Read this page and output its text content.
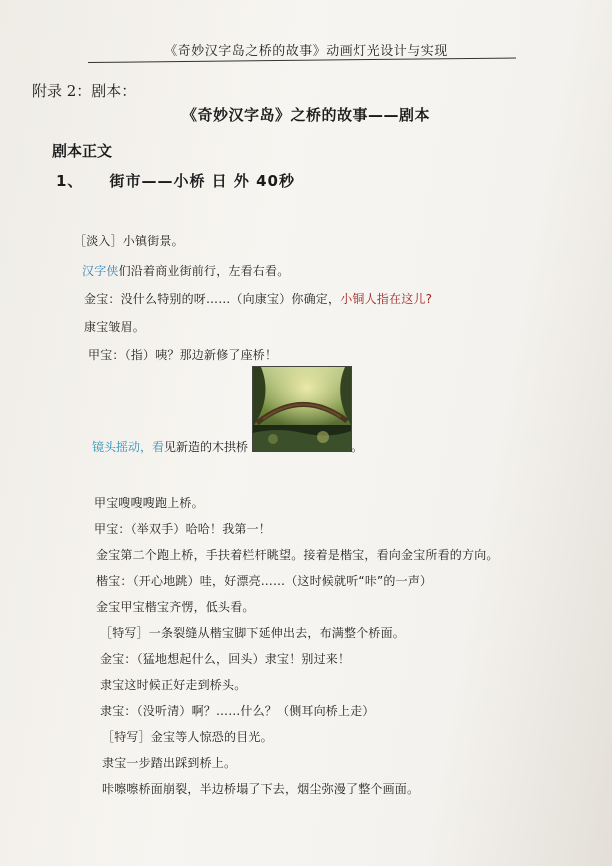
《奇妙汉字岛之桥的故事》动画灯光设计与实现
附录 2：剧本：
《奇妙汉字岛》之桥的故事——剧本
剧本正文
1、 街市——小桥 日 外 40秒
［淡入］小镇街景。
汉字侠们沿着商业街前行，左看右看。
金宝：没什么特别的呀……（向康宝）你确定，小铜人指在这儿?
康宝皱眉。
甲宝：（指）咦？那边新修了座桥！
镜头摇动，看见新造的木拱桥	。
甲宝嗖嗖嗖跑上桥。
甲宝：（举双手）哈哈！我第一！
金宝第二个跑上桥，手扶着栏杆眺望。接着是楷宝，看向金宝所看的方向。
楷宝：（开心地跳）哇，好漂亮……（这时候就听“咔”的一声）
金宝甲宝楷宝齐愣，低头看。
［特写］一条裂缝从楷宝脚下延伸出去，布满整个桥面。
金宝：（猛地想起什么，回头）隶宝！别过来！
隶宝这时候正好走到桥头。
隶宝：（没听清）啊？……什么？（侧耳向桥上走）
［特写］金宝等人惊恐的目光。
隶宝一步踏出踩到桥上。
咔嚓嚓桥面崩裂，半边桥塌了下去，烟尘弥漫了整个画面。
